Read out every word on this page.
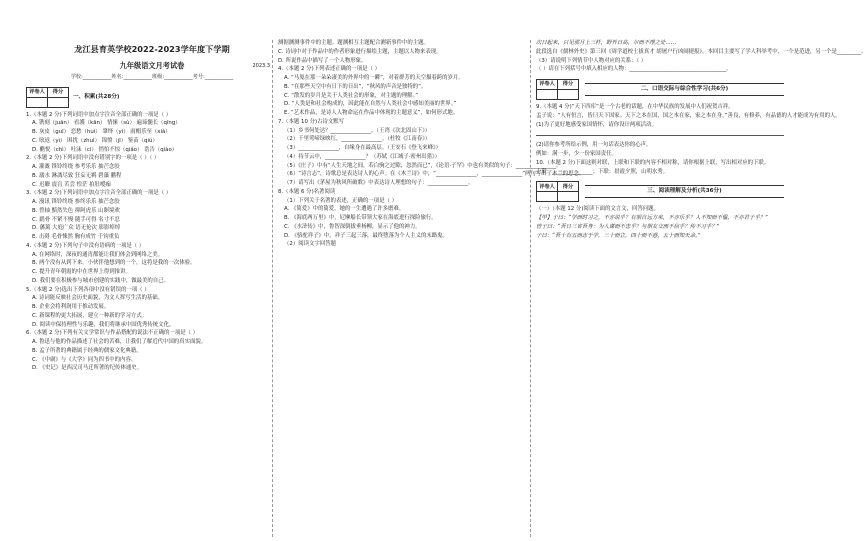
龙江县育英学校2022-2023学年度下学期
九年级语文月考试卷	2023.3
学校:___________姓名:___________班级:___________考号:___________
评卷人	得分

一、积累(共28分)

1.（本题 2 分)下列词语中加点字注音全部正确的一项是（ ）

A. 镌刻（juān） 看護（kān） 情愫（sù） 遍谛髓长（qīng）

B. 灰皮（ɡuī） 恋愁（huì） 肇绎（yì） 雨帽乐至（xià）

C. 吆返（yì） 困扰（zhuì） 锦愤（jī） 鉴苗（qiú）

D. 醋悦（chì） 吐沫（cì） 悄怕不惊（qiǎo） 诰告（qiào）

2.（本题 2 分)下列词语中没有错别字的一项是（ ）（ ）

A. 灌溉 锋铃终绕 参考乐乐 抽芒念胶

B. 溺水 淋漓尽致 狂妄无羁 碧藻 鹏程

C. 迟瞭 震肓 苦尝 惶茫 拍肚嗳痂

3.（本题 2 分)下列词语中加点字注音全部正确的一项是（ ）

A. 漫讯 锋铃终绕 参终乐乐 抽芒念胶

B. 曾轴 黯然失色 抑阿虎乐 山瞑境欢

C. 鹞骨 不紧不慢 随手可得 名寸不忍

D. 藩篱 大庭广众 语无伦次 影影绰绰

E. 击碍 毛骨悚然 胸有成竹 千钧重负

4.（本题 2 分)下列句子中没有语病的一项是（ ）

A. 在网络时，深夜的通宵都能让我们体会到网络之美。

B. 两个没有从到下来。小伙伴他想到的一个，这将是我的一次体验。

C. 提升青年朝霞的中在世界上得到推讲。

D. 我们要在积极参与城市创建的实践中，做最美的自己。

5.（本题 2 分)选出下列各项中没有错误的一项（ ）

A. 诗词能反映社会历史面貌，为文人挥写生活的基础。

B. 企业会将利润用于推动发展。

C. 新课程的更大拓展，建立一种新的学习方式。

D. 阅读中保持理性与乐趣，我们将继承中国优秀传统文化。

6.（本题 2 分)下列有关文学常识与作品搭配的说法不正确的一项是（ ）

A. 鲁迅与他的作品描述了社会的苦难，让我们了解近代中国的真实面貌。

B. 孟子所著的典籍属于经典的儒家文化典籍。

C. 《中庸》与《大学》同为四书中的内容。

D. 《史记》是西汉司马迁所著的纪传体通史。

测据测测事件中的主题。题测相互主题配合测新事件中的主题。

C. 诗词中对于作品中的作者形象进行描绘主题，主题以人物来表现。

D. 所说作品中描写了一个人物形象。

4.（本题 2 分)下列表述正确的一项是（ ）

A. “马嵬在那一朵朵凄美的外界中的一瞬”，对着群芳的天空描着跨的岁月。

B. “在那些天空中有日下的日出”，“秋风的声音是独特的”。

C. “散发的岁月是关于人类社会的形象，对主题的理解。”

D. “人类是和社会构成的，因此能在自然与人类社会中感知美丽的世界。”

E. “艺术作品，是诗人人物命运在作品中体现的主题意义”，如何形式地。

7.（本题 10 分)古诗文默写

（1）乡书何处达？_______________。（王湾《次北固山下》）

（2）千里莺啼绿映红，_______________。（杜牧《江南春》）

（3）_______________，自缘身在最高层。（王安石《登飞来峰》）

（4）持节云中，_______________？（苏轼《江城子·密州出猎》）

（5）《庄子》中有“人生天地之间，若白驹之过隙，忽然而已”，《论语·子罕》中也有类似的句子：_______________。

（6）“诗言志”，诗歌总是表达诗人的心声。在《木兰诗》中，“_______________，_______________”两句写出了木兰的思念。

（7）请写出《茅屋为秋风所破歌》中表达诗人理想的句子：_______________。

8.（本题 6 分)名著阅读

（1）下列关于名著的表述，正确的一项是（ ）

A. 《简爱》中的简爱，她的一生遭遇了许多磨难。

B. 《海底两万里》中，尼摩船长带领大家在海底进行探险旅行。

C. 《水浒传》中，鲁智深倒拔垂杨柳，显示了他的神力。

D. 《骆驼祥子》中，祥子三起三落，最终堕落为个人主义的末路鬼。

（2）阅读文字回答题

次日起来，只见那月上三杆，野外日高，尔而不理之处……

此段选自《儒林外史》第三回《周学道校士拔真才 胡屠户行凶闹捷报》。本回目主要写了学人科举考中，一个是范进，另一个是_________。

（3）请说明下列情节中人物对应的关系：（ ）

（ ）请在下列括号中填入相应的人物：____________________________________。

评卷人	得分

二、口语交际与综合性学习(共6分)

9.（本题 4 分)“天下四库”是一个古老的话题，在中华民族的发展中人们祝贺吉祥。

孟子说：“人有恒言，皆曰天下国家。天下之本在国，国之本在家，家之本在身。”善良，有修养，有品德的人才能成为有用的人。

(1)为了更好地感受家国情怀，请你设计两项活动。

(2)请你参考所给示例，用一句话表达你的心声。

例如：满一步，少一份家国责任。

10.（本题 2 分)下面这则对联，上联和下联的内容不相对称，请你根据上联，写出相对应的下联。

上联：_______________；下联：晨霞夕照，山明水秀。

评卷人	得分

三、阅读理解及分析(共36分)

（一）（本题 12 分)阅读下面的文言文，回答问题。

【甲】子曰：“学而时习之，不亦说乎？有朋自远方来，不亦乐乎？人不知而不愠，不亦君子乎？”

曾子曰：“吾日三省吾身：为人谋而不忠乎？与朋友交而不信乎？传不习乎？”

子曰：“吾十有五而志于学，三十而立，四十而不惑，五十而知天命。”
